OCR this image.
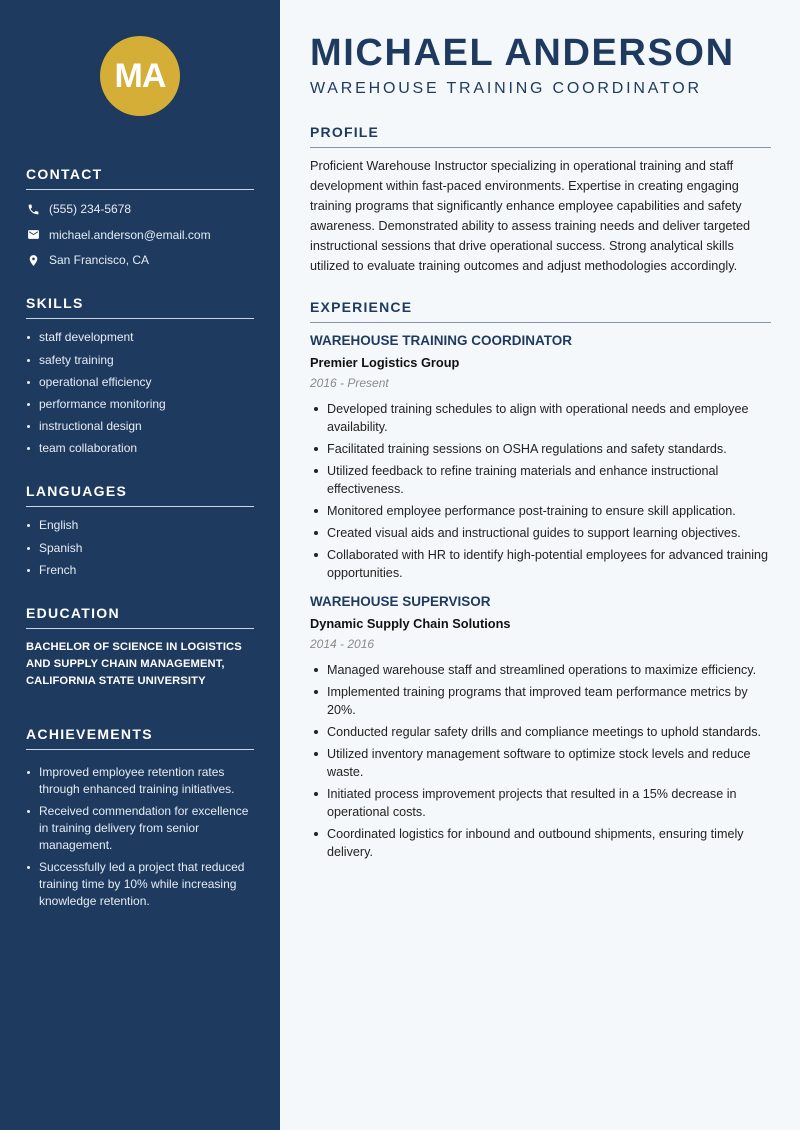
MA
CONTACT
(555) 234-5678
michael.anderson@email.com
San Francisco, CA
SKILLS
staff development
safety training
operational efficiency
performance monitoring
instructional design
team collaboration
LANGUAGES
English
Spanish
French
EDUCATION

BACHELOR OF SCIENCE IN LOGISTICS AND SUPPLY CHAIN MANAGEMENT, CALIFORNIA STATE UNIVERSITY

ACHIEVEMENTS
Improved employee retention rates through enhanced training initiatives.
Received commendation for excellence in training delivery from senior management.
Successfully led a project that reduced training time by 10% while increasing knowledge retention.
MICHAEL ANDERSON
WAREHOUSE TRAINING COORDINATOR
PROFILE

Proficient Warehouse Instructor specializing in operational training and staff development within fast-paced environments. Expertise in creating engaging training programs that significantly enhance employee capabilities and safety awareness. Demonstrated ability to assess training needs and deliver targeted instructional sessions that drive operational success. Strong analytical skills utilized to evaluate training outcomes and adjust methodologies accordingly.

EXPERIENCE
WAREHOUSE TRAINING COORDINATOR
Premier Logistics Group
2016 - Present
Developed training schedules to align with operational needs and employee availability.
Facilitated training sessions on OSHA regulations and safety standards.
Utilized feedback to refine training materials and enhance instructional effectiveness.
Monitored employee performance post-training to ensure skill application.
Created visual aids and instructional guides to support learning objectives.
Collaborated with HR to identify high-potential employees for advanced training opportunities.
WAREHOUSE SUPERVISOR
Dynamic Supply Chain Solutions
2014 - 2016
Managed warehouse staff and streamlined operations to maximize efficiency.
Implemented training programs that improved team performance metrics by 20%.
Conducted regular safety drills and compliance meetings to uphold standards.
Utilized inventory management software to optimize stock levels and reduce waste.
Initiated process improvement projects that resulted in a 15% decrease in operational costs.
Coordinated logistics for inbound and outbound shipments, ensuring timely delivery.
